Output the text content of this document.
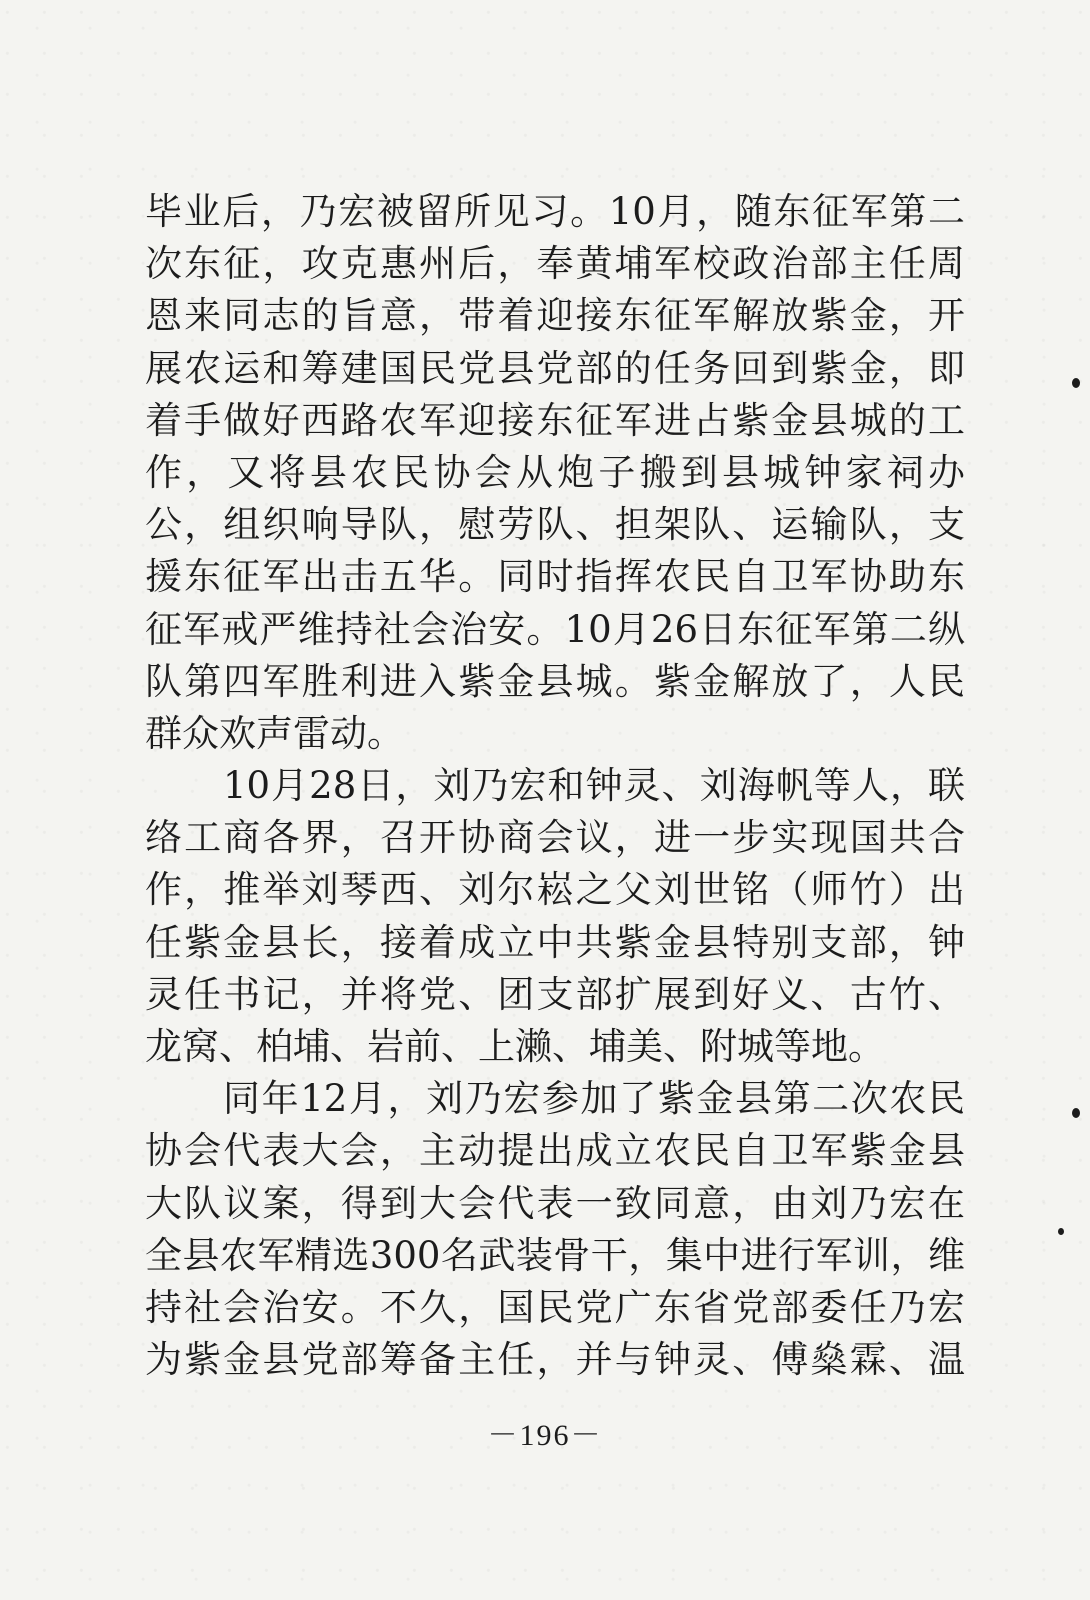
毕业后，乃宏被留所见习。10月，随东征军第二
次东征，攻克惠州后，奉黄埔军校政治部主任周
恩来同志的旨意，带着迎接东征军解放紫金，开
展农运和筹建国民党县党部的任务回到紫金，即
着手做好西路农军迎接东征军进占紫金县城的工
作，又将县农民协会从炮子搬到县城钟家祠办
公，组织响导队，慰劳队、担架队、运输队，支
援东征军出击五华。同时指挥农民自卫军协助东
征军戒严维持社会治安。10月26日东征军第二纵
队第四军胜利进入紫金县城。紫金解放了，人民
群众欢声雷动。
10月28日，刘乃宏和钟灵、刘海帆等人，联
络工商各界，召开协商会议，进一步实现国共合
作，推举刘琴西、刘尔崧之父刘世铭（师竹）出
任紫金县长，接着成立中共紫金县特别支部，钟
灵任书记，并将党、团支部扩展到好义、古竹、
龙窝、柏埔、岩前、上濑、埔美、附城等地。
同年12月，刘乃宏参加了紫金县第二次农民
协会代表大会，主动提出成立农民自卫军紫金县
大队议案，得到大会代表一致同意，由刘乃宏在
全县农军精选300名武装骨干，集中进行军训，维
持社会治安。不久，国民党广东省党部委任乃宏
为紫金县党部筹备主任，并与钟灵、傅燊霖、温
－196－
